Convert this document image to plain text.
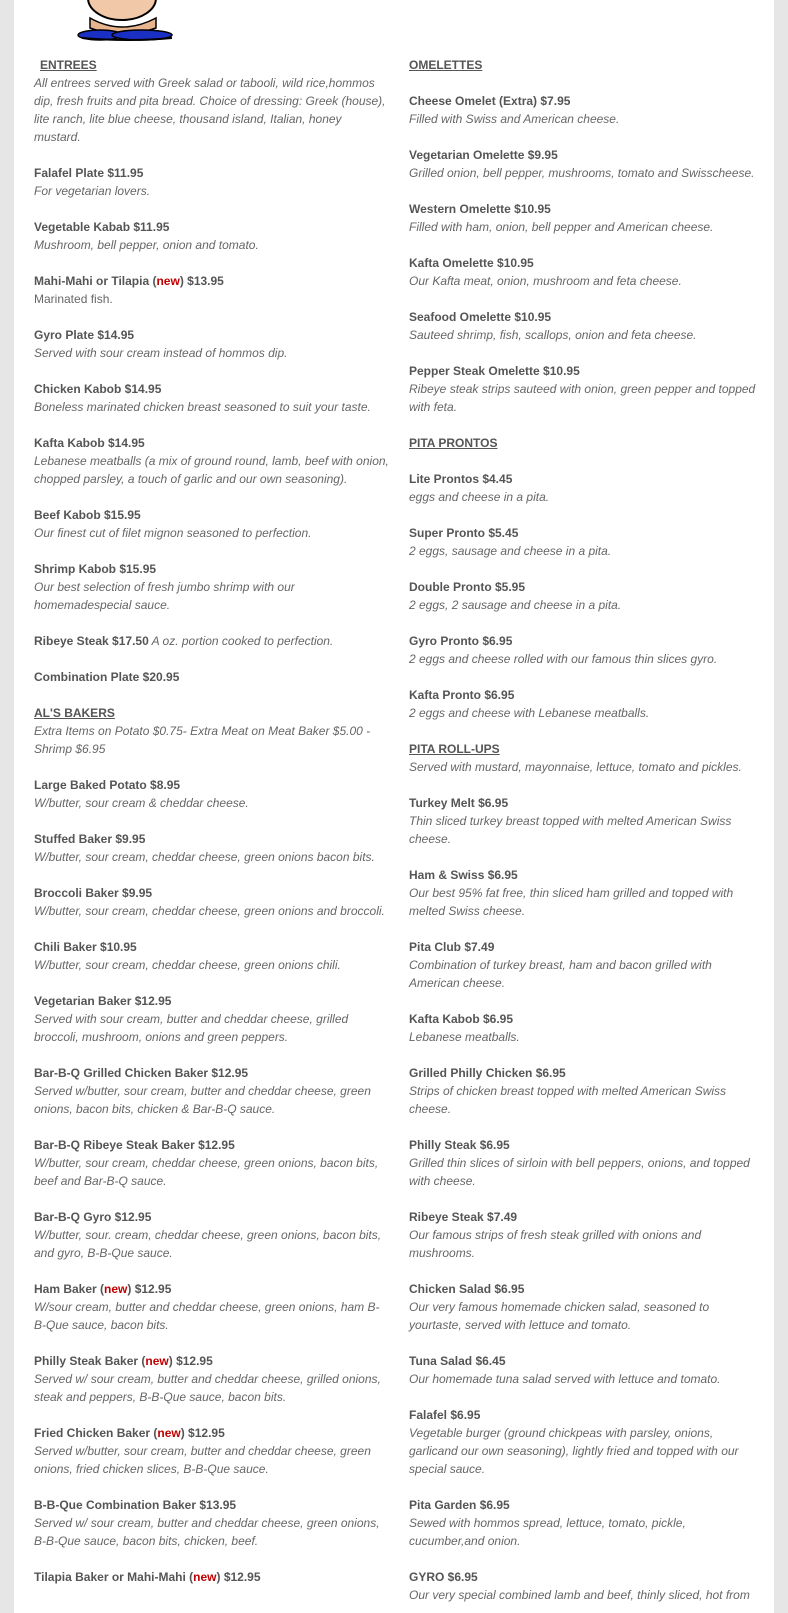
ENTREES
All entrees served with Greek salad or tabooli, wild rice,hommos dip, fresh fruits and pita bread. Choice of dressing: Greek (house), lite ranch, lite blue cheese, thousand island, Italian, honey mustard.
Falafel Plate $11.95
For vegetarian lovers.
Vegetable Kabab $11.95
Mushroom, bell pepper, onion and tomato.
Mahi-Mahi or Tilapia (new) $13.95
Marinated fish.
Gyro Plate $14.95
Served with sour cream instead of hommos dip.
Chicken Kabob $14.95
Boneless marinated chicken breast seasoned to suit your taste.
Kafta Kabob $14.95
Lebanese meatballs (a mix of ground round, lamb, beef with onion, chopped parsley, a touch of garlic and our own seasoning).
Beef Kabob $15.95
Our finest cut of filet mignon seasoned to perfection.
Shrimp Kabob $15.95
Our best selection of fresh jumbo shrimp with our homemadespecial sauce.
Ribeye Steak $17.50 A oz. portion cooked to perfection.
Combination Plate $20.95
AL'S BAKERS
Extra Items on Potato $0.75- Extra Meat on Meat Baker $5.00 - Shrimp $6.95
Large Baked Potato $8.95
W/butter, sour cream & cheddar cheese.
Stuffed Baker $9.95
W/butter, sour cream, cheddar cheese, green onions bacon bits.
Broccoli Baker $9.95
W/butter, sour cream, cheddar cheese, green onions and broccoli.
Chili Baker $10.95
W/butter, sour cream, cheddar cheese, green onions chili.
Vegetarian Baker $12.95
Served with sour cream, butter and cheddar cheese, grilled broccoli, mushroom, onions and green peppers.
Bar-B-Q Grilled Chicken Baker $12.95
Served w/butter, sour cream, butter and cheddar cheese, green onions, bacon bits, chicken & Bar-B-Q sauce.
Bar-B-Q Ribeye Steak Baker $12.95
W/butter, sour cream, cheddar cheese, green onions, bacon bits, beef and Bar-B-Q sauce.
Bar-B-Q Gyro $12.95
W/butter, sour. cream, cheddar cheese, green onions, bacon bits, and gyro, B-B-Que sauce.
Ham Baker (new) $12.95
W/sour cream, butter and cheddar cheese, green onions, ham B-B-Que sauce, bacon bits.
Philly Steak Baker (new) $12.95
Served w/ sour cream, butter and cheddar cheese, grilled onions, steak and peppers, B-B-Que sauce, bacon bits.
Fried Chicken Baker (new) $12.95
Served w/butter, sour cream, butter and cheddar cheese, green onions, fried chicken slices, B-B-Que sauce.
B-B-Que Combination Baker $13.95
Served w/ sour cream, butter and cheddar cheese, green onions, B-B-Que sauce, bacon bits, chicken, beef.
Tilapia Baker or Mahi-Mahi (new) $12.95
OMELETTES
Cheese Omelet (Extra) $7.95
Filled with Swiss and American cheese.
Vegetarian Omelette $9.95
Grilled onion, bell pepper, mushrooms, tomato and Swisscheese.
Western Omelette $10.95
Filled with ham, onion, bell pepper and American cheese.
Kafta Omelette $10.95
Our Kafta meat, onion, mushroom and feta cheese.
Seafood Omelette $10.95
Sauteed shrimp, fish, scallops, onion and feta cheese.
Pepper Steak Omelette $10.95
Ribeye steak strips sauteed with onion, green pepper and topped with feta.
PITA PRONTOS
Lite Prontos $4.45
eggs and cheese in a pita.
Super Pronto $5.45
2 eggs, sausage and cheese in a pita.
Double Pronto $5.95
2 eggs, 2 sausage and cheese in a pita.
Gyro Pronto $6.95
2 eggs and cheese rolled with our famous thin slices gyro.
Kafta Pronto $6.95
2 eggs and cheese with Lebanese meatballs.
PITA ROLL-UPS
Served with mustard, mayonnaise, lettuce, tomato and pickles.
Turkey Melt $6.95
Thin sliced turkey breast topped with melted American Swiss cheese.
Ham & Swiss $6.95
Our best 95% fat free, thin sliced ham grilled and topped with melted Swiss cheese.
Pita Club $7.49
Combination of turkey breast, ham and bacon grilled with American cheese.
Kafta Kabob $6.95
Lebanese meatballs.
Grilled Philly Chicken $6.95
Strips of chicken breast topped with melted American Swiss cheese.
Philly Steak $6.95
Grilled thin slices of sirloin with bell peppers, onions, and topped with cheese.
Ribeye Steak $7.49
Our famous strips of fresh steak grilled with onions and mushrooms.
Chicken Salad $6.95
Our very famous homemade chicken salad, seasoned to yourtaste, served with lettuce and tomato.
Tuna Salad $6.45
Our homemade tuna salad served with lettuce and tomato.
Falafel $6.95
Vegetable burger (ground chickpeas with parsley, onions, garlicand our own seasoning), lightly fried and topped with our special sauce.
Pita Garden $6.95
Sewed with hommos spread, lettuce, tomato, pickle, cucumber,and onion.
GYRO $6.95
Our very special combined lamb and beef, thinly sliced, hot from
